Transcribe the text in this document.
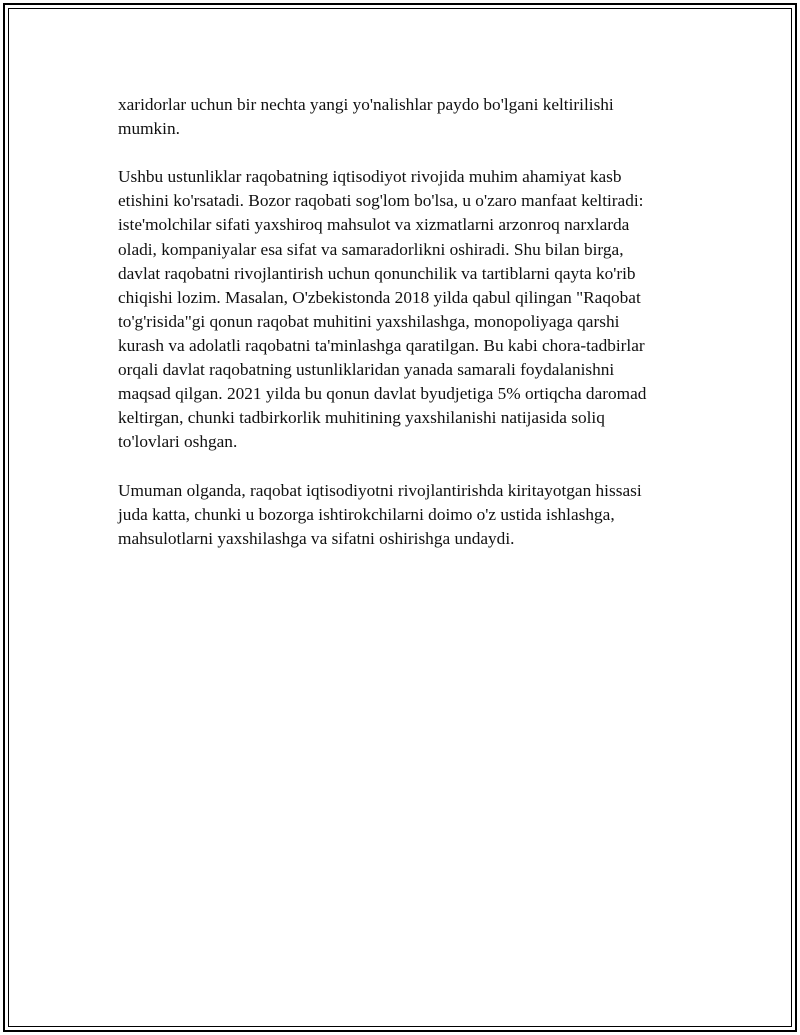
xaridorlar uchun bir nechta yangi yo'nalishlar paydo bo'lgani keltirilishi
mumkin.

Ushbu ustunliklar raqobatning iqtisodiyot rivojida muhim ahamiyat kasb
etishini ko'rsatadi. Bozor raqobati sog'lom bo'lsa, u o'zaro manfaat keltiradi:
iste'molchilar sifati yaxshiroq mahsulot va xizmatlarni arzonroq narxlarda
oladi, kompaniyalar esa sifat va samaradorlikni oshiradi. Shu bilan birga,
davlat raqobatni rivojlantirish uchun qonunchilik va tartiblarni qayta ko'rib
chiqishi lozim. Masalan, O'zbekistonda 2018 yilda qabul qilingan "Raqobat
to'g'risida"gi qonun raqobat muhitini yaxshilashga, monopoliyaga qarshi
kurash va adolatli raqobatni ta'minlashga qaratilgan. Bu kabi chora-tadbirlar
orqali davlat raqobatning ustunliklaridan yanada samarali foydalanishni
maqsad qilgan. 2021 yilda bu qonun davlat byudjetiga 5% ortiqcha daromad
keltirgan, chunki tadbirkorlik muhitining yaxshilanishi natijasida soliq
to'lovlari oshgan.

Umuman olganda, raqobat iqtisodiyotni rivojlantirishda kiritayotgan hissasi
juda katta, chunki u bozorga ishtirokchilarni doimo o'z ustida ishlashga,
mahsulotlarni yaxshilashga va sifatni oshirishga undaydi.
